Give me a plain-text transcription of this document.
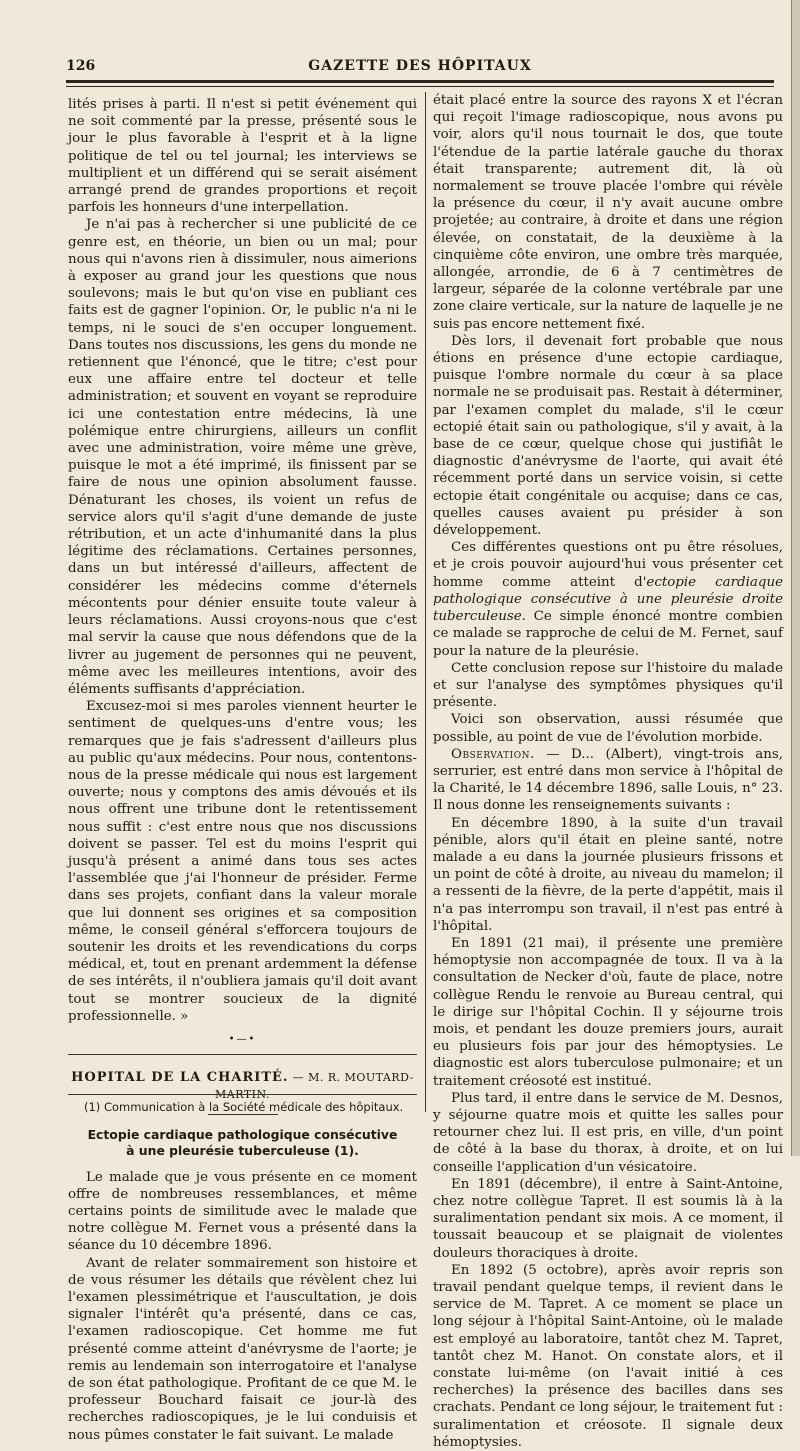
126	GAZETTE DES HÔPITAUX

lités prises à parti. Il n'est si petit événement qui ne soit commenté par la presse, présenté sous le jour le plus favorable à l'esprit et à la ligne politique de tel ou tel journal; les interviews se multiplient et un différend qui se serait aisément arrangé prend de grandes proportions et reçoit parfois les honneurs d'une interpellation.

Je n'ai pas à rechercher si une publicité de ce genre est, en théorie, un bien ou un mal; pour nous qui n'avons rien à dissimuler, nous aimerions à exposer au grand jour les questions que nous soulevons; mais le but qu'on vise en publiant ces faits est de gagner l'opinion. Or, le public n'a ni le temps, ni le souci de s'en occuper longuement. Dans toutes nos discussions, les gens du monde ne retiennent que l'énoncé, que le titre; c'est pour eux une affaire entre tel docteur et telle administration; et souvent en voyant se reproduire ici une contestation entre médecins, là une polémique entre chirurgiens, ailleurs un conflit avec une administration, voire même une grève, puisque le mot a été imprimé, ils finissent par se faire de nous une opinion absolument fausse. Dénaturant les choses, ils voient un refus de service alors qu'il s'agit d'une demande de juste rétribution, et un acte d'inhumanité dans la plus légitime des réclamations. Certaines personnes, dans un but intéressé d'ailleurs, affectent de considérer les médecins comme d'éternels mécontents pour dénier ensuite toute valeur à leurs réclamations. Aussi croyons-nous que c'est mal servir la cause que nous défendons que de la livrer au jugement de personnes qui ne peuvent, même avec les meilleures intentions, avoir des éléments suffisants d'appréciation.

Excusez-moi si mes paroles viennent heurter le sentiment de quelques-uns d'entre vous; les remarques que je fais s'adressent d'ailleurs plus au public qu'aux médecins. Pour nous, contentons-nous de la presse médicale qui nous est largement ouverte; nous y comptons des amis dévoués et ils nous offrent une tribune dont le retentissement nous suffit : c'est entre nous que nos discussions doivent se passer. Tel est du moins l'esprit qui jusqu'à présent a animé dans tous ses actes l'assemblée que j'ai l'honneur de présider. Ferme dans ses projets, confiant dans la valeur morale que lui donnent ses origines et sa composition même, le conseil général s'efforcera toujours de soutenir les droits et les revendications du corps médical, et, tout en prenant ardemment la défense de ses intérêts, il n'oubliera jamais qu'il doit avant tout se montrer soucieux de la dignité professionnelle. »

•—•
HOPITAL DE LA CHARITÉ. — M. R. MOUTARD-MARTIN.
Ectopie cardiaque pathologique consécutive
à une pleurésie tuberculeuse (1).

Le malade que je vous présente en ce moment offre de nombreuses ressemblances, et même certains points de similitude avec le malade que notre collègue M. Fernet vous a présenté dans la séance du 10 décembre 1896.

Avant de relater sommairement son histoire et de vous résumer les détails que révèlent chez lui l'examen plessimétrique et l'auscultation, je dois signaler l'intérêt qu'a présenté, dans ce cas, l'examen radioscopique. Cet homme me fut présenté comme atteint d'anévrysme de l'aorte; je remis au lendemain son interrogatoire et l'analyse de son état pathologique. Profitant de ce que M. le professeur Bouchard faisait ce jour-là des recherches radioscopiques, je le lui conduisis et nous pûmes constater le fait suivant. Le malade

(1) Communication à la Société médicale des hôpitaux.

était placé entre la source des rayons X et l'écran qui reçoit l'image radioscopique, nous avons pu voir, alors qu'il nous tournait le dos, que toute l'étendue de la partie latérale gauche du thorax était transparente; autrement dit, là où normalement se trouve placée l'ombre qui révèle la présence du cœur, il n'y avait aucune ombre projetée; au contraire, à droite et dans une région élevée, on constatait, de la deuxième à la cinquième côte environ, une ombre très marquée, allongée, arrondie, de 6 à 7 centimètres de largeur, séparée de la colonne vertébrale par une zone claire verticale, sur la nature de laquelle je ne suis pas encore nettement fixé.

Dès lors, il devenait fort probable que nous étions en présence d'une ectopie cardiaque, puisque l'ombre normale du cœur à sa place normale ne se produisait pas. Restait à déterminer, par l'examen complet du malade, s'il le cœur ectopié était sain ou pathologique, s'il y avait, à la base de ce cœur, quelque chose qui justifiât le diagnostic d'anévrysme de l'aorte, qui avait été récemment porté dans un service voisin, si cette ectopie était congénitale ou acquise; dans ce cas, quelles causes avaient pu présider à son développement.

Ces différentes questions ont pu être résolues, et je crois pouvoir aujourd'hui vous présenter cet homme comme atteint d'ectopie cardiaque pathologique consécutive à une pleurésie droite tuberculeuse. Ce simple énoncé montre combien ce malade se rapproche de celui de M. Fernet, sauf pour la nature de la pleurésie.

Cette conclusion repose sur l'histoire du malade et sur l'analyse des symptômes physiques qu'il présente.

Voici son observation, aussi résumée que possible, au point de vue de l'évolution morbide.

Observation. — D... (Albert), vingt-trois ans, serrurier, est entré dans mon service à l'hôpital de la Charité, le 14 décembre 1896, salle Louis, n° 23. Il nous donne les renseignements suivants :

En décembre 1890, à la suite d'un travail pénible, alors qu'il était en pleine santé, notre malade a eu dans la journée plusieurs frissons et un point de côté à droite, au niveau du mamelon; il a ressenti de la fièvre, de la perte d'appétit, mais il n'a pas interrompu son travail, il n'est pas entré à l'hôpital.

En 1891 (21 mai), il présente une première hémoptysie non accompagnée de toux. Il va à la consultation de Necker d'où, faute de place, notre collègue Rendu le renvoie au Bureau central, qui le dirige sur l'hôpital Cochin. Il y séjourne trois mois, et pendant les douze premiers jours, aurait eu plusieurs fois par jour des hémoptysies. Le diagnostic est alors tuberculose pulmonaire; et un traitement créosoté est institué.

Plus tard, il entre dans le service de M. Desnos, y séjourne quatre mois et quitte les salles pour retourner chez lui. Il est pris, en ville, d'un point de côté à la base du thorax, à droite, et on lui conseille l'application d'un vésicatoire.

En 1891 (décembre), il entre à Saint-Antoine, chez notre collègue Tapret. Il est soumis là à la suralimentation pendant six mois. A ce moment, il toussait beaucoup et se plaignait de violentes douleurs thoraciques à droite.

En 1892 (5 octobre), après avoir repris son travail pendant quelque temps, il revient dans le service de M. Tapret. A ce moment se place un long séjour à l'hôpital Saint-Antoine, où le malade est employé au laboratoire, tantôt chez M. Tapret, tantôt chez M. Hanot. On constate alors, et il constate lui-même (on l'avait initié à ces recherches) la présence des bacilles dans ses crachats. Pendant ce long séjour, le traitement fut : suralimentation et créosote. Il signale deux hémoptysies.
